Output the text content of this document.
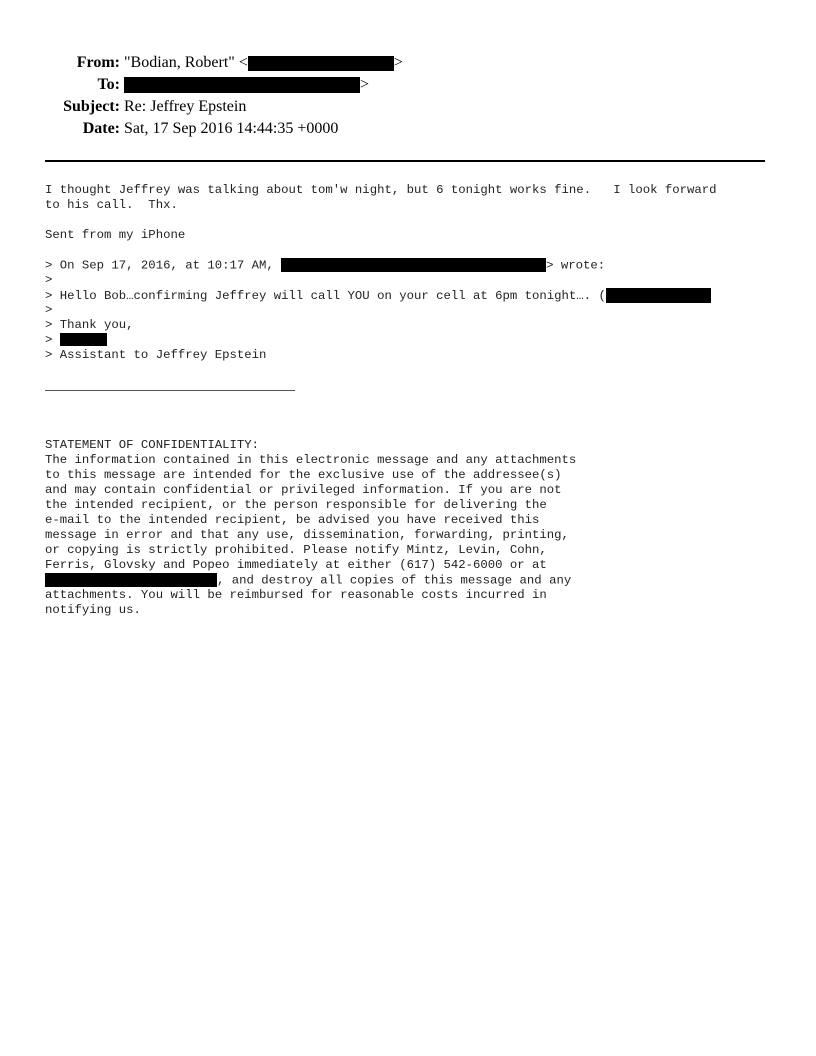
From: "Bodian, Robert" <	>
To:	>
Subject: Re: Jeffrey Epstein
Date: Sat, 17 Sep 2016 14:44:35 +0000
I thought Jeffrey was talking about tom'w night, but 6 tonight works fine.   I look forward
to his call.  Thx.
Sent from my iPhone
> On Sep 17, 2016, at 10:17 AM,	> wrote:
>
> Hello Bob…confirming Jeffrey will call YOU on your cell at 6pm tonight…. (
>
> Thank you,
>
> Assistant to Jeffrey Epstein
STATEMENT OF CONFIDENTIALITY:
The information contained in this electronic message and any attachments
to this message are intended for the exclusive use of the addressee(s)
and may contain confidential or privileged information. If you are not
the intended recipient, or the person responsible for delivering the
e-mail to the intended recipient, be advised you have received this
message in error and that any use, dissemination, forwarding, printing,
or copying is strictly prohibited. Please notify Mintz, Levin, Cohn,
Ferris, Glovsky and Popeo immediately at either (617) 542-6000 or at
, and destroy all copies of this message and any
attachments. You will be reimbursed for reasonable costs incurred in
notifying us.
